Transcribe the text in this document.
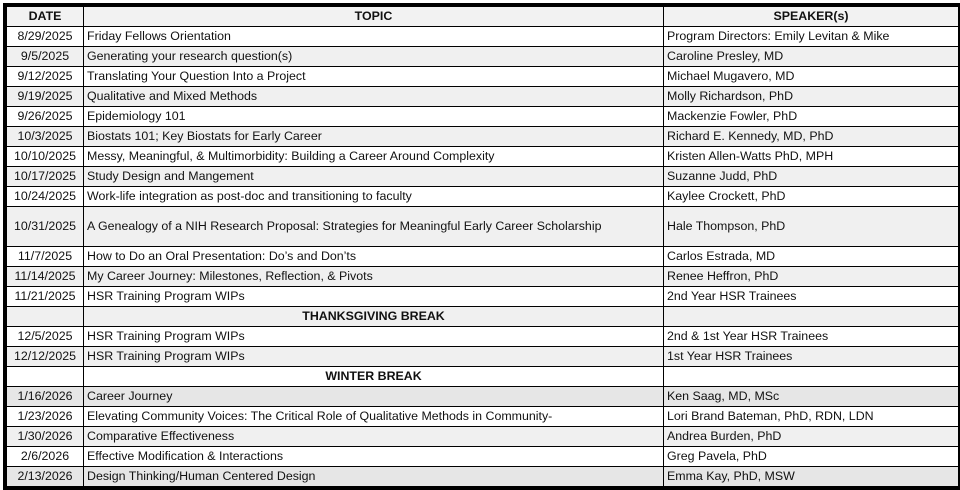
DATE	TOPIC	SPEAKER(s)
8/29/2025	Friday Fellows Orientation	Program Directors: Emily Levitan & Mike
9/5/2025	Generating your research question(s)	Caroline Presley, MD
9/12/2025	Translating Your Question Into a Project	Michael Mugavero, MD
9/19/2025	Qualitative and Mixed Methods	Molly Richardson, PhD
9/26/2025	Epidemiology 101	Mackenzie Fowler, PhD
10/3/2025	Biostats 101; Key Biostats for Early Career	Richard E. Kennedy, MD, PhD
10/10/2025	Messy, Meaningful, & Multimorbidity: Building a Career Around Complexity	Kristen Allen-Watts PhD, MPH
10/17/2025	Study Design and Mangement	Suzanne Judd, PhD
10/24/2025	Work-life integration as post-doc and transitioning to faculty	Kaylee Crockett, PhD
10/31/2025	A Genealogy of a NIH Research Proposal: Strategies for Meaningful Early Career Scholarship	Hale Thompson, PhD
11/7/2025	How to Do an Oral Presentation: Do’s and Don’ts	Carlos Estrada, MD
11/14/2025	My Career Journey: Milestones, Reflection, & Pivots	Renee Heffron, PhD
11/21/2025	HSR Training Program WIPs	2nd Year HSR Trainees
	THANKSGIVING BREAK	
12/5/2025	HSR Training Program WIPs	2nd & 1st Year HSR Trainees
12/12/2025	HSR Training Program WIPs	1st Year HSR Trainees
	WINTER BREAK	
1/16/2026	Career Journey	Ken Saag, MD, MSc
1/23/2026	Elevating Community Voices: The Critical Role of Qualitative Methods in Community-	Lori Brand Bateman, PhD, RDN, LDN
1/30/2026	Comparative Effectiveness	Andrea Burden, PhD
2/6/2026	Effective Modification & Interactions	Greg Pavela, PhD
2/13/2026	Design Thinking/Human Centered Design	Emma Kay, PhD, MSW
